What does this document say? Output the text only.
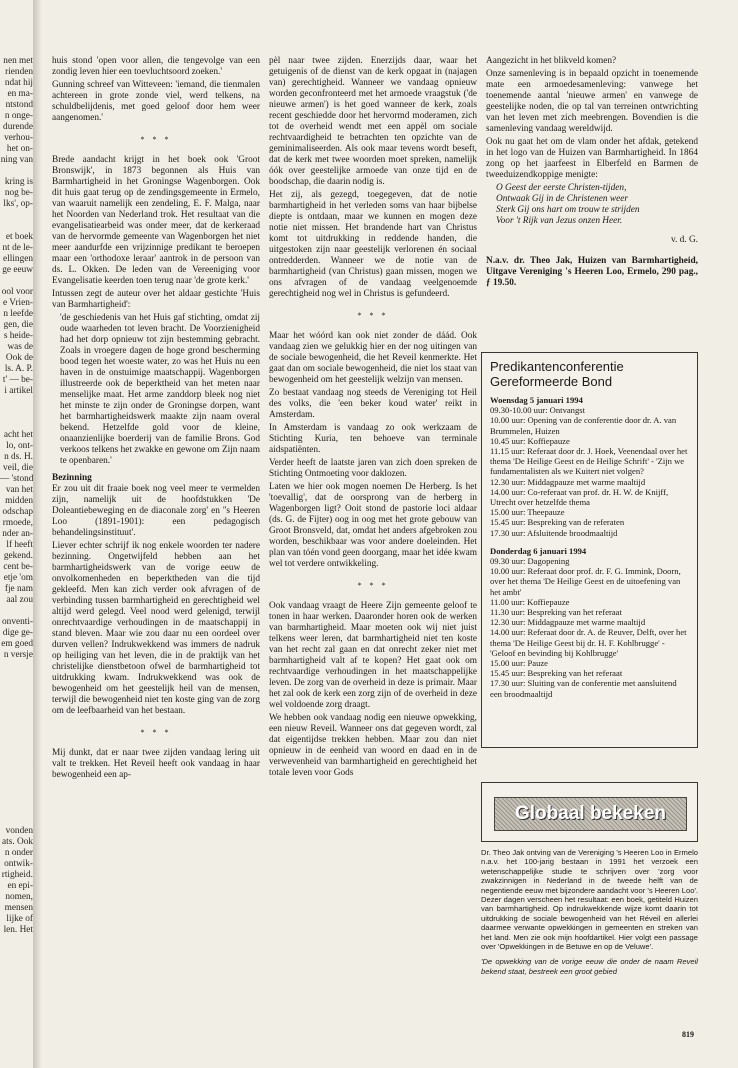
nen met
rienden
ndat hij
en ma-
ntstond
n onge-
durende
verhou-
het on-
ning van
kring is
nog be-
lks', op-
et boek
nt de le-
ellingen
ge eeuw
ool voor
e Vrien-
n leefde
gen, die
s heide-
was de
Ook de
ls. A. P.
t' — be-
i artikel
acht het
lo, ont-
n ds. H.
veil, die
— 'stond
van het
midden
odschap
rmoede,
nder an-
lf heeft
gekend.
cent be-
etje 'om
fje nam
aal zou
onventi-
dige ge-
em goed
n versje
vonden
ats. Ook
n onder
ontwik-
rtigheid.
en epi-
nomen,
mensen
lijke of
len. Het

huis stond 'open voor allen, die tengevolge van een zondig leven hier een toevluchtsoord zoeken.'

Gunning schreef van Witteveen: 'iemand, die tienmalen achtereen in grote zonde viel, werd telkens, na schuldbelijdenis, met goed geloof door hem weer aangenomen.'

* * *

Brede aandacht krijgt in het boek ook 'Groot Bronswijk', in 1873 begonnen als Huis van Barmhartigheid in het Groningse Wagenborgen. Ook dit huis gaat terug op de zendingsgemeente in Ermelo, van waaruit namelijk een zendeling, E. F. Malga, naar het Noorden van Nederland trok. Het resultaat van die evangelisatiearbeid was onder meer, dat de kerkeraad van de hervormde gemeente van Wagenborgen het niet meer aandurfde een vrijzinnige predikant te beroepen maar een 'orthodoxe leraar' aantrok in de persoon van ds. L. Okken. De leden van de Vereeniging voor Evangelisatie keerden toen terug naar 'de grote kerk.'

Intussen zegt de auteur over het aldaar gestichte 'Huis van Barmhartigheid':

'de geschiedenis van het Huis gaf stichting, omdat zij oude waarheden tot leven bracht. De Voorzienigheid had het dorp opnieuw tot zijn bestemming gebracht. Zoals in vroegere dagen de hoge grond bescherming bood tegen het woeste water, zo was het Huis nu een haven in de onstuimige maatschappij. Wagenborgen illustreerde ook de beperktheid van het meten naar menselijke maat. Het arme zanddorp bleek nog niet het minste te zijn onder de Groningse dorpen, want het barmhartigheidswerk maakte zijn naam overal bekend. Hetzelfde gold voor de kleine, onaanzienlijke boerderij van de familie Brons. God verkoos telkens het zwakke en gewone om Zijn naam te openbaren.'

Bezinning

Er zou uit dit fraaie boek nog veel meer te vermelden zijn, namelijk uit de hoofdstukken 'De Doleantiebeweging en de diaconale zorg' en ''s Heeren Loo (1891-1901): een pedagogisch behandelingsinstituut'.

Liever echter schrijf ik nog enkele woorden ter nadere bezinning. Ongetwijfeld hebben aan het barmhartigheidswerk van de vorige eeuw de onvolkomenheden en beperktheden van die tijd gekleefd. Men kan zich verder ook afvragen of de verbinding tussen barmhartigheid en gerechtigheid wel altijd werd gelegd. Veel nood werd gelenigd, terwijl onrechtvaardige verhoudingen in de maatschappij in stand bleven. Maar wie zou daar nu een oordeel over durven vellen? Indrukwekkend was immers de nadruk op heiliging van het leven, die in de praktijk van het christelijke dienstbetoon ofwel de barmhartigheid tot uitdrukking kwam. Indrukwekkend was ook de bewogenheid om het geestelijk heil van de mensen, terwijl die bewogenheid niet ten koste ging van de zorg om de leefbaarheid van het bestaan.

* * *

Mij dunkt, dat er naar twee zijden vandaag lering uit valt te trekken. Het Reveil heeft ook vandaag in haar bewogenheid een ap-

pèl naar twee zijden. Enerzijds daar, waar het getuigenis of de dienst van de kerk opgaat in (najagen van) gerechtigheid. Wanneer we vandaag opnieuw worden geconfronteerd met het armoede vraagstuk ('de nieuwe armen') is het goed wanneer de kerk, zoals recent geschiedde door het hervormd moderamen, zich tot de overheid wendt met een appèl om sociale rechtvaardigheid te betrachten ten opzichte van de geminimaliseerden. Als ook maar tevens wordt beseft, dat de kerk met twee woorden moet spreken, namelijk óók over geestelijke armoede van onze tijd en de boodschap, die daarin nodig is.

Het zij, als gezegd, toegegeven, dat de notie barmhartigheid in het verleden soms van haar bijbelse diepte is ontdaan, maar we kunnen en mogen deze notie niet missen. Het brandende hart van Christus komt tot uitdrukking in reddende handen, die uitgestoken zijn naar geestelijk verlorenen én sociaal ontredderden. Wanneer we de notie van de barmhartigheid (van Christus) gaan missen, mogen we ons afvragen of de vandaag veelgenoemde gerechtigheid nog wel in Christus is gefundeerd.

* * *

Maar het wóórd kan ook niet zonder de dáád. Ook vandaag zien we gelukkig hier en der nog uitingen van de sociale bewogenheid, die het Reveil kenmerkte. Het gaat dan om sociale bewogenheid, die niet los staat van bewogenheid om het geestelijk welzijn van mensen.

Zo bestaat vandaag nog steeds de Vereniging tot Heil des volks, die 'een beker koud water' reikt in Amsterdam.

In Amsterdam is vandaag zo ook werkzaam de Stichting Kuria, ten behoeve van terminale aidspatiënten.

Verder heeft de laatste jaren van zich doen spreken de Stichting Ontmoeting voor daklozen.

Laten we hier ook mogen noemen De Herberg. Is het 'toevallig', dat de oorsprong van de herberg in Wagenborgen ligt? Ooit stond de pastorie loci aldaar (ds. G. de Fijter) oog in oog met het grote gebouw van Groot Bronsveld, dat, omdat het anders afgebroken zou worden, beschikbaar was voor andere doeleinden. Het plan van tóén vond geen doorgang, maar het idée kwam wel tot verdere ontwikkeling.

* * *

Ook vandaag vraagt de Heere Zijn gemeente geloof te tonen in haar werken. Daaronder horen ook de werken van barmhartigheid. Maar moeten ook wij niet juist telkens weer leren, dat barmhartigheid niet ten koste van het recht zal gaan en dat onrecht zeker niet met barmhartigheid valt af te kopen? Het gaat ook om rechtvaardige verhoudingen in het maatschappelijke leven. De zorg van de overheid in deze is primair. Maar het zal ook de kerk een zorg zijn of de overheid in deze wel voldoende zorg draagt.

We hebben ook vandaag nodig een nieuwe opwekking, een nieuw Reveil. Wanneer ons dat gegeven wordt, zal dat eigentijdse trekken hebben. Maar zou dan niet opnieuw in de eenheid van woord en daad en in de verwevenheid van barmhartigheid en gerechtigheid het totale leven voor Gods

Aangezicht in het blikveld komen?

Onze samenleving is in bepaald opzicht in toenemende mate een armoedesamenleving: vanwege het toenemende aantal 'nieuwe armen' en vanwege de geestelijke noden, die op tal van terreinen ontwrichting van het leven met zich meebrengen. Bovendien is die samenleving vandaag wereldwijd.

Ook nu gaat het om de vlam onder het afdak, getekend in het logo van de Huizen van Barmhartigheid. In 1864 zong op het jaarfeest in Elberfeld en Barmen de tweeduizendkoppige menigte:

O Geest der eerste Christen-tijden,
Ontwaak Gij in de Christenen weer
Sterk Gij ons hart om trouw te strijden
Voor 't Rijk van Jezus onzen Heer.
v. d. G.
N.a.v. dr. Theo Jak, Huizen van Barmhartigheid, Uitgave Vereniging 's Heeren Loo, Ermelo, 290 pag., ƒ 19.50.
Predikantenconferentie
Gereformeerde Bond
Woensdag 5 januari 1994
09.30-10.00 uur: Ontvangst
10.00 uur: Opening van de conferentie door dr. A. van Brummelen, Huizen
10.45 uur: Koffiepauze
11.15 uur: Referaat door dr. J. Hoek, Veenendaal over het thema 'De Heilige Geest en de Heilige Schrift' - 'Zijn we fundamentalisten als we Kuitert niet volgen?
12.30 uur: Middagpauze met warme maaltijd
14.00 uur: Co-referaat van prof. dr. H. W. de Knijff, Utrecht over hetzelfde thema
15.00 uur: Theepauze
15.45 uur: Bespreking van de referaten
17.30 uur: Afsluitende broodmaaltijd
Donderdag 6 januari 1994
09.30 uur: Dagopening
10.00 uur: Referaat door prof. dr. F. G. Immink, Doorn, over het thema 'De Heilige Geest en de uitoefening van het ambt'
11.00 uur: Koffiepauze
11.30 uur: Bespreking van het referaat
12.30 uur: Middagpauze met warme maaltijd
14.00 uur: Referaat door dr. A. de Reuver, Delft, over het thema 'De Heilige Geest bij dr. H. F. Kohlbrugge' - 'Geloof en bevinding bij Kohlbrugge'
15.00 uur: Pauze
15.45 uur: Bespreking van het referaat
17.30 uur: Sluiting van de conferentie met aansluitend een broodmaaltijd
Globaal bekeken

Dr. Theo Jak ontving van de Vereniging 's Heeren Loo in Ermelo n.a.v. het 100-jarig bestaan in 1991 het verzoek een wetenschappelijke studie te schrijven over 'zorg voor zwakzinnigen in Nederland in de tweede helft van de negentiende eeuw met bijzondere aandacht voor 's Heeren Loo'. Dezer dagen verscheen het resultaat: een boek, getiteld Huizen van barmhartigheid. Op indrukwekkende wijze komt daarin tot uitdrukking de sociale bewogenheid van het Réveil en allerlei daarmee verwante opwekkingen in gemeenten en streken van het land. Men zie ook mijn hoofdartikel. Hier volgt een passage over 'Opwekkingen in de Betuwe en op de Veluwe'.

'De opwekking van de vorige eeuw die onder de naam Reveil bekend staat, bestreek een groot gebied

819
